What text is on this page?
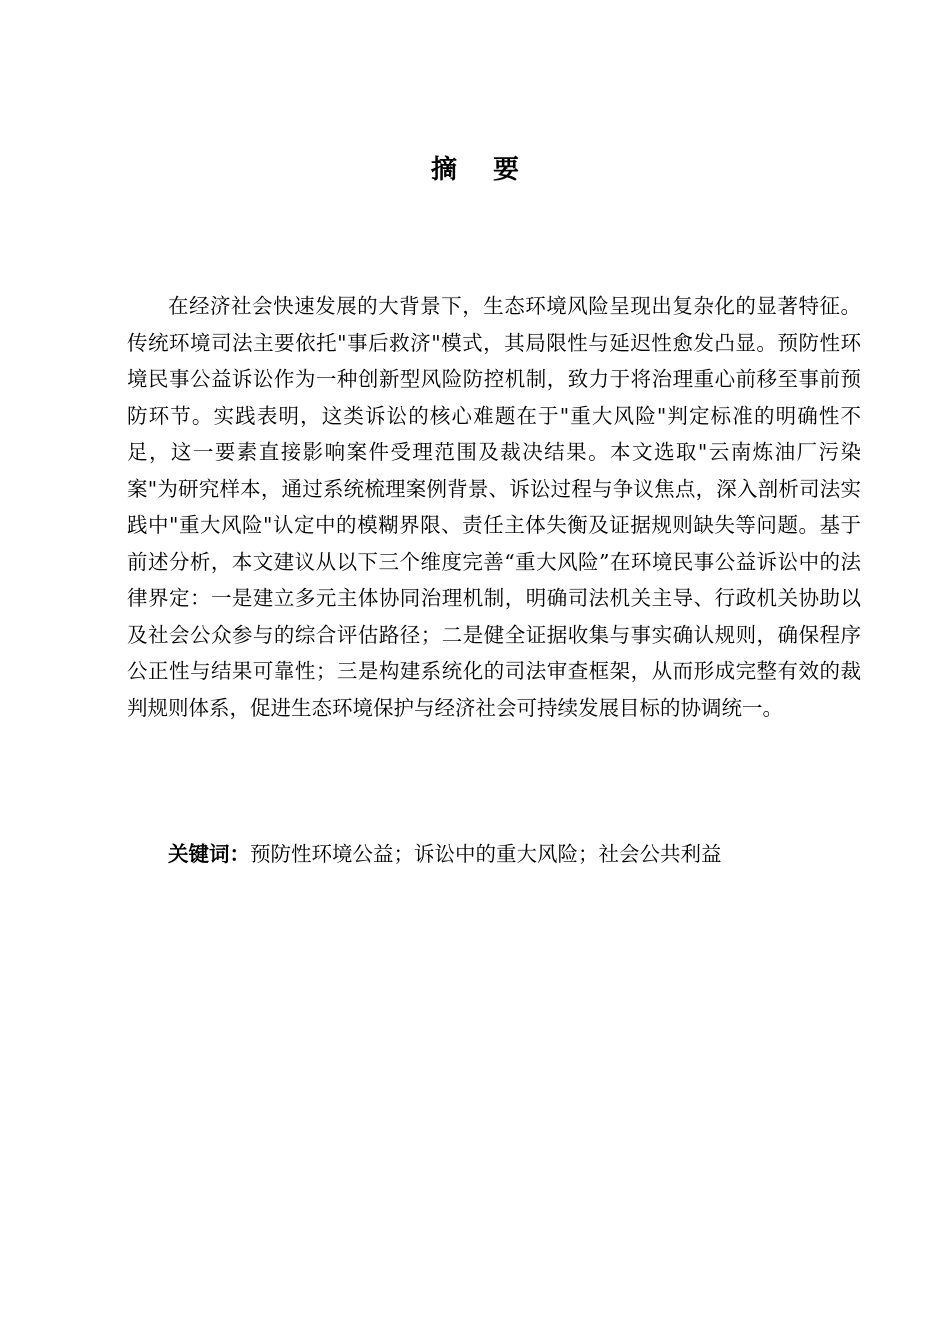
摘 要

在经济社会快速发展的大背景下，生态环境风险呈现出复杂化的显著特征。传统环境司法主要依托"事后救济"模式，其局限性与延迟性愈发凸显。预防性环境民事公益诉讼作为一种创新型风险防控机制，致力于将治理重心前移至事前预防环节。实践表明，这类诉讼的核心难题在于"重大风险"判定标准的明确性不足，这一要素直接影响案件受理范围及裁决结果。本文选取"云南炼油厂污染案"为研究样本，通过系统梳理案例背景、诉讼过程与争议焦点，深入剖析司法实践中"重大风险"认定中的模糊界限、责任主体失衡及证据规则缺失等问题。基于前述分析，本文建议从以下三个维度完善“重大风险”在环境民事公益诉讼中的法律界定：一是建立多元主体协同治理机制，明确司法机关主导、行政机关协助以及社会公众参与的综合评估路径；二是健全证据收集与事实确认规则，确保程序公正性与结果可靠性；三是构建系统化的司法审查框架，从而形成完整有效的裁判规则体系，促进生态环境保护与经济社会可持续发展目标的协调统一。

关键词：预防性环境公益；诉讼中的重大风险；社会公共利益
